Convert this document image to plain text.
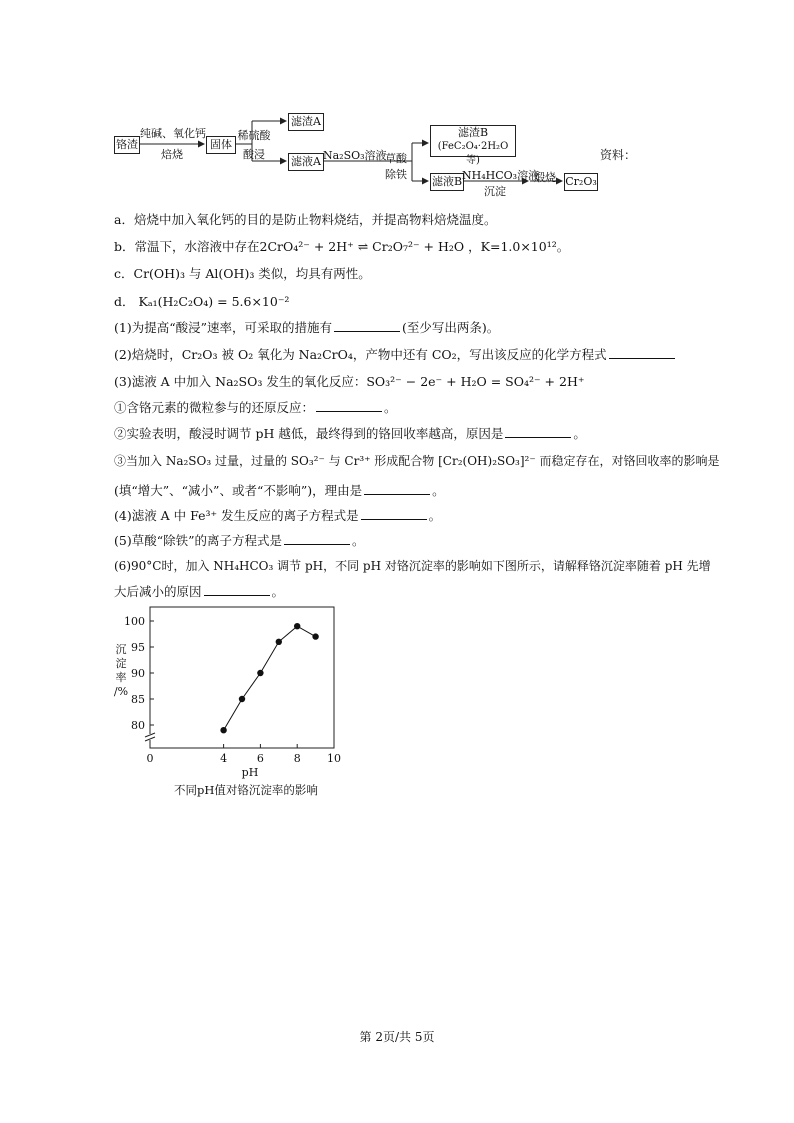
铬渣
纯碱、氧化钙
焙烧
固体
稀硫酸
酸浸
滤渣A
滤液A Na₂SO₃溶液
草酸
除铁
滤渣B
(FeC₂O₄·2H₂O等)
滤液B NH₄HCO₃溶液
沉淀
煅烧 Cr₂O₃
资料：
a．焙烧中加入氧化钙的目的是防止物料烧结，并提高物料焙烧温度。
b．常温下，水溶液中存在2CrO₄²⁻ + 2H⁺ ⇌ Cr₂O₇²⁻ + H₂O ，K=1.0×10¹²。
c．Cr(OH)₃ 与 Al(OH)₃ 类似，均具有两性。
d． Kₐ₁(H₂C₂O₄) = 5.6×10⁻²
(1)为提高“酸浸”速率，可采取的措施有	(至少写出两条)。
(2)焙烧时，Cr₂O₃ 被 O₂ 氧化为 Na₂CrO₄，产物中还有 CO₂，写出该反应的化学方程式
(3)滤液 A 中加入 Na₂SO₃ 发生的氧化反应：SO₃²⁻ − 2e⁻ + H₂O = SO₄²⁻ + 2H⁺
①含铬元素的微粒参与的还原反应：	。
②实验表明，酸浸时调节 pH 越低，最终得到的铬回收率越高，原因是	。
③当加入 Na₂SO₃ 过量，过量的 SO₃²⁻ 与 Cr³⁺ 形成配合物 [Cr₂(OH)₂SO₃]²⁻ 而稳定存在，对铬回收率的影响是
(填“增大”、“减小”、或者“不影响”)，理由是	。
(4)滤液 A 中 Fe³⁺ 发生反应的离子方程式是	。
(5)草酸“除铁”的离子方程式是	。
(6)90°C时，加入 NH₄HCO₃ 调节 pH，不同 pH 对铬沉淀率的影响如下图所示，请解释铬沉淀率随着 pH 先增
大后减小的原因	。
80
85
90
95
100
0	4	6	8 10
pH
沉
淀
率
/%
不同pH值对铬沉淀率的影响
第 2页/共 5页
